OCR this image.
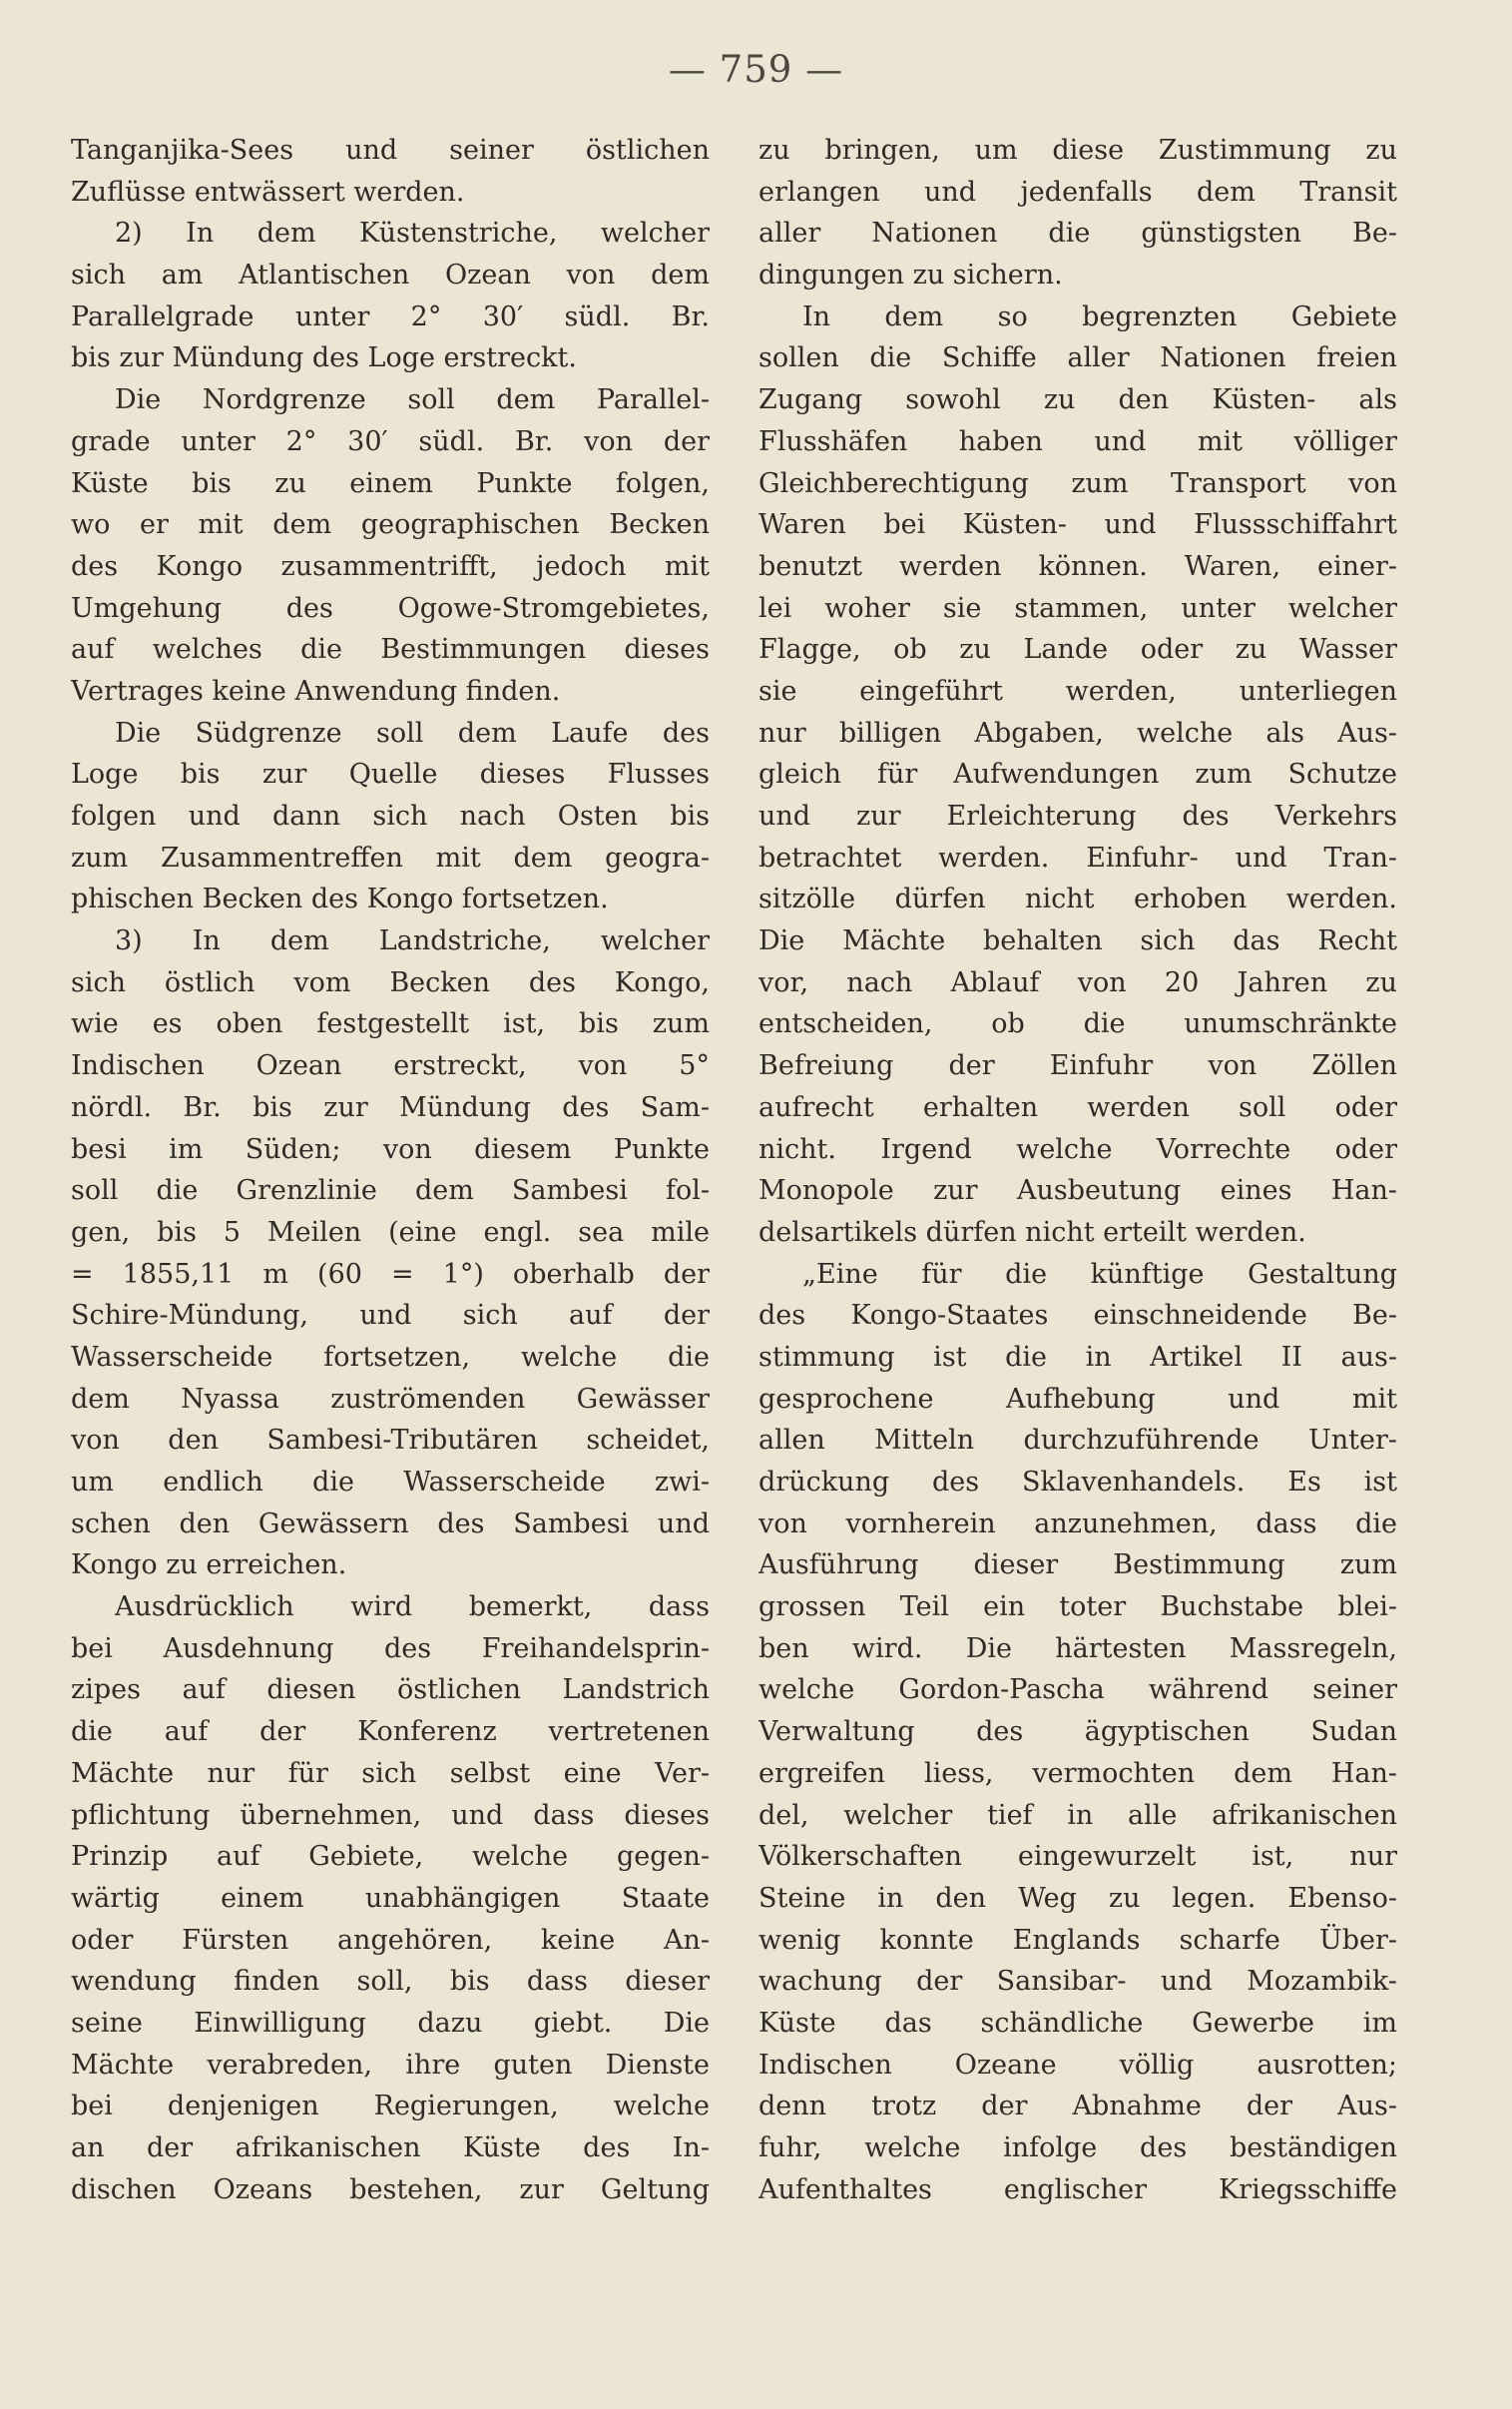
— 759 —
Tanganjika-Sees und seiner östlichen
Zuflüsse entwässert werden.
2) In dem Küstenstriche, welcher
sich am Atlantischen Ozean von dem
Parallelgrade unter 2° 30′ südl. Br.
bis zur Mündung des Loge erstreckt.
Die Nordgrenze soll dem Parallel-
grade unter 2° 30′ südl. Br. von der
Küste bis zu einem Punkte folgen,
wo er mit dem geographischen Becken
des Kongo zusammentrifft, jedoch mit
Umgehung des Ogowe-Stromgebietes,
auf welches die Bestimmungen dieses
Vertrages keine Anwendung finden.
Die Südgrenze soll dem Laufe des
Loge bis zur Quelle dieses Flusses
folgen und dann sich nach Osten bis
zum Zusammentreffen mit dem geogra-
phischen Becken des Kongo fortsetzen.
3) In dem Landstriche, welcher
sich östlich vom Becken des Kongo,
wie es oben festgestellt ist, bis zum
Indischen Ozean erstreckt, von 5°
nördl. Br. bis zur Mündung des Sam-
besi im Süden; von diesem Punkte
soll die Grenzlinie dem Sambesi fol-
gen, bis 5 Meilen (eine engl. sea mile
= 1855,11 m (60 = 1°) oberhalb der
Schire-Mündung, und sich auf der
Wasserscheide fortsetzen, welche die
dem Nyassa zuströmenden Gewässer
von den Sambesi-Tributären scheidet,
um endlich die Wasserscheide zwi-
schen den Gewässern des Sambesi und
Kongo zu erreichen.
Ausdrücklich wird bemerkt, dass
bei Ausdehnung des Freihandelsprin-
zipes auf diesen östlichen Landstrich
die auf der Konferenz vertretenen
Mächte nur für sich selbst eine Ver-
pflichtung übernehmen, und dass dieses
Prinzip auf Gebiete, welche gegen-
wärtig einem unabhängigen Staate
oder Fürsten angehören, keine An-
wendung finden soll, bis dass dieser
seine Einwilligung dazu giebt. Die
Mächte verabreden, ihre guten Dienste
bei denjenigen Regierungen, welche
an der afrikanischen Küste des In-
dischen Ozeans bestehen, zur Geltung
zu bringen, um diese Zustimmung zu
erlangen und jedenfalls dem Transit
aller Nationen die günstigsten Be-
dingungen zu sichern.
In dem so begrenzten Gebiete
sollen die Schiffe aller Nationen freien
Zugang sowohl zu den Küsten- als
Flusshäfen haben und mit völliger
Gleichberechtigung zum Transport von
Waren bei Küsten- und Flussschiffahrt
benutzt werden können. Waren, einer-
lei woher sie stammen, unter welcher
Flagge, ob zu Lande oder zu Wasser
sie eingeführt werden, unterliegen
nur billigen Abgaben, welche als Aus-
gleich für Aufwendungen zum Schutze
und zur Erleichterung des Verkehrs
betrachtet werden. Einfuhr- und Tran-
sitzölle dürfen nicht erhoben werden.
Die Mächte behalten sich das Recht
vor, nach Ablauf von 20 Jahren zu
entscheiden, ob die unumschränkte
Befreiung der Einfuhr von Zöllen
aufrecht erhalten werden soll oder
nicht. Irgend welche Vorrechte oder
Monopole zur Ausbeutung eines Han-
delsartikels dürfen nicht erteilt werden.
„Eine für die künftige Gestaltung
des Kongo-Staates einschneidende Be-
stimmung ist die in Artikel II aus-
gesprochene Aufhebung und mit
allen Mitteln durchzuführende Unter-
drückung des Sklavenhandels. Es ist
von vornherein anzunehmen, dass die
Ausführung dieser Bestimmung zum
grossen Teil ein toter Buchstabe blei-
ben wird. Die härtesten Massregeln,
welche Gordon-Pascha während seiner
Verwaltung des ägyptischen Sudan
ergreifen liess, vermochten dem Han-
del, welcher tief in alle afrikanischen
Völkerschaften eingewurzelt ist, nur
Steine in den Weg zu legen. Ebenso-
wenig konnte Englands scharfe Über-
wachung der Sansibar- und Mozambik-
Küste das schändliche Gewerbe im
Indischen Ozeane völlig ausrotten;
denn trotz der Abnahme der Aus-
fuhr, welche infolge des beständigen
Aufenthaltes englischer Kriegsschiffe
